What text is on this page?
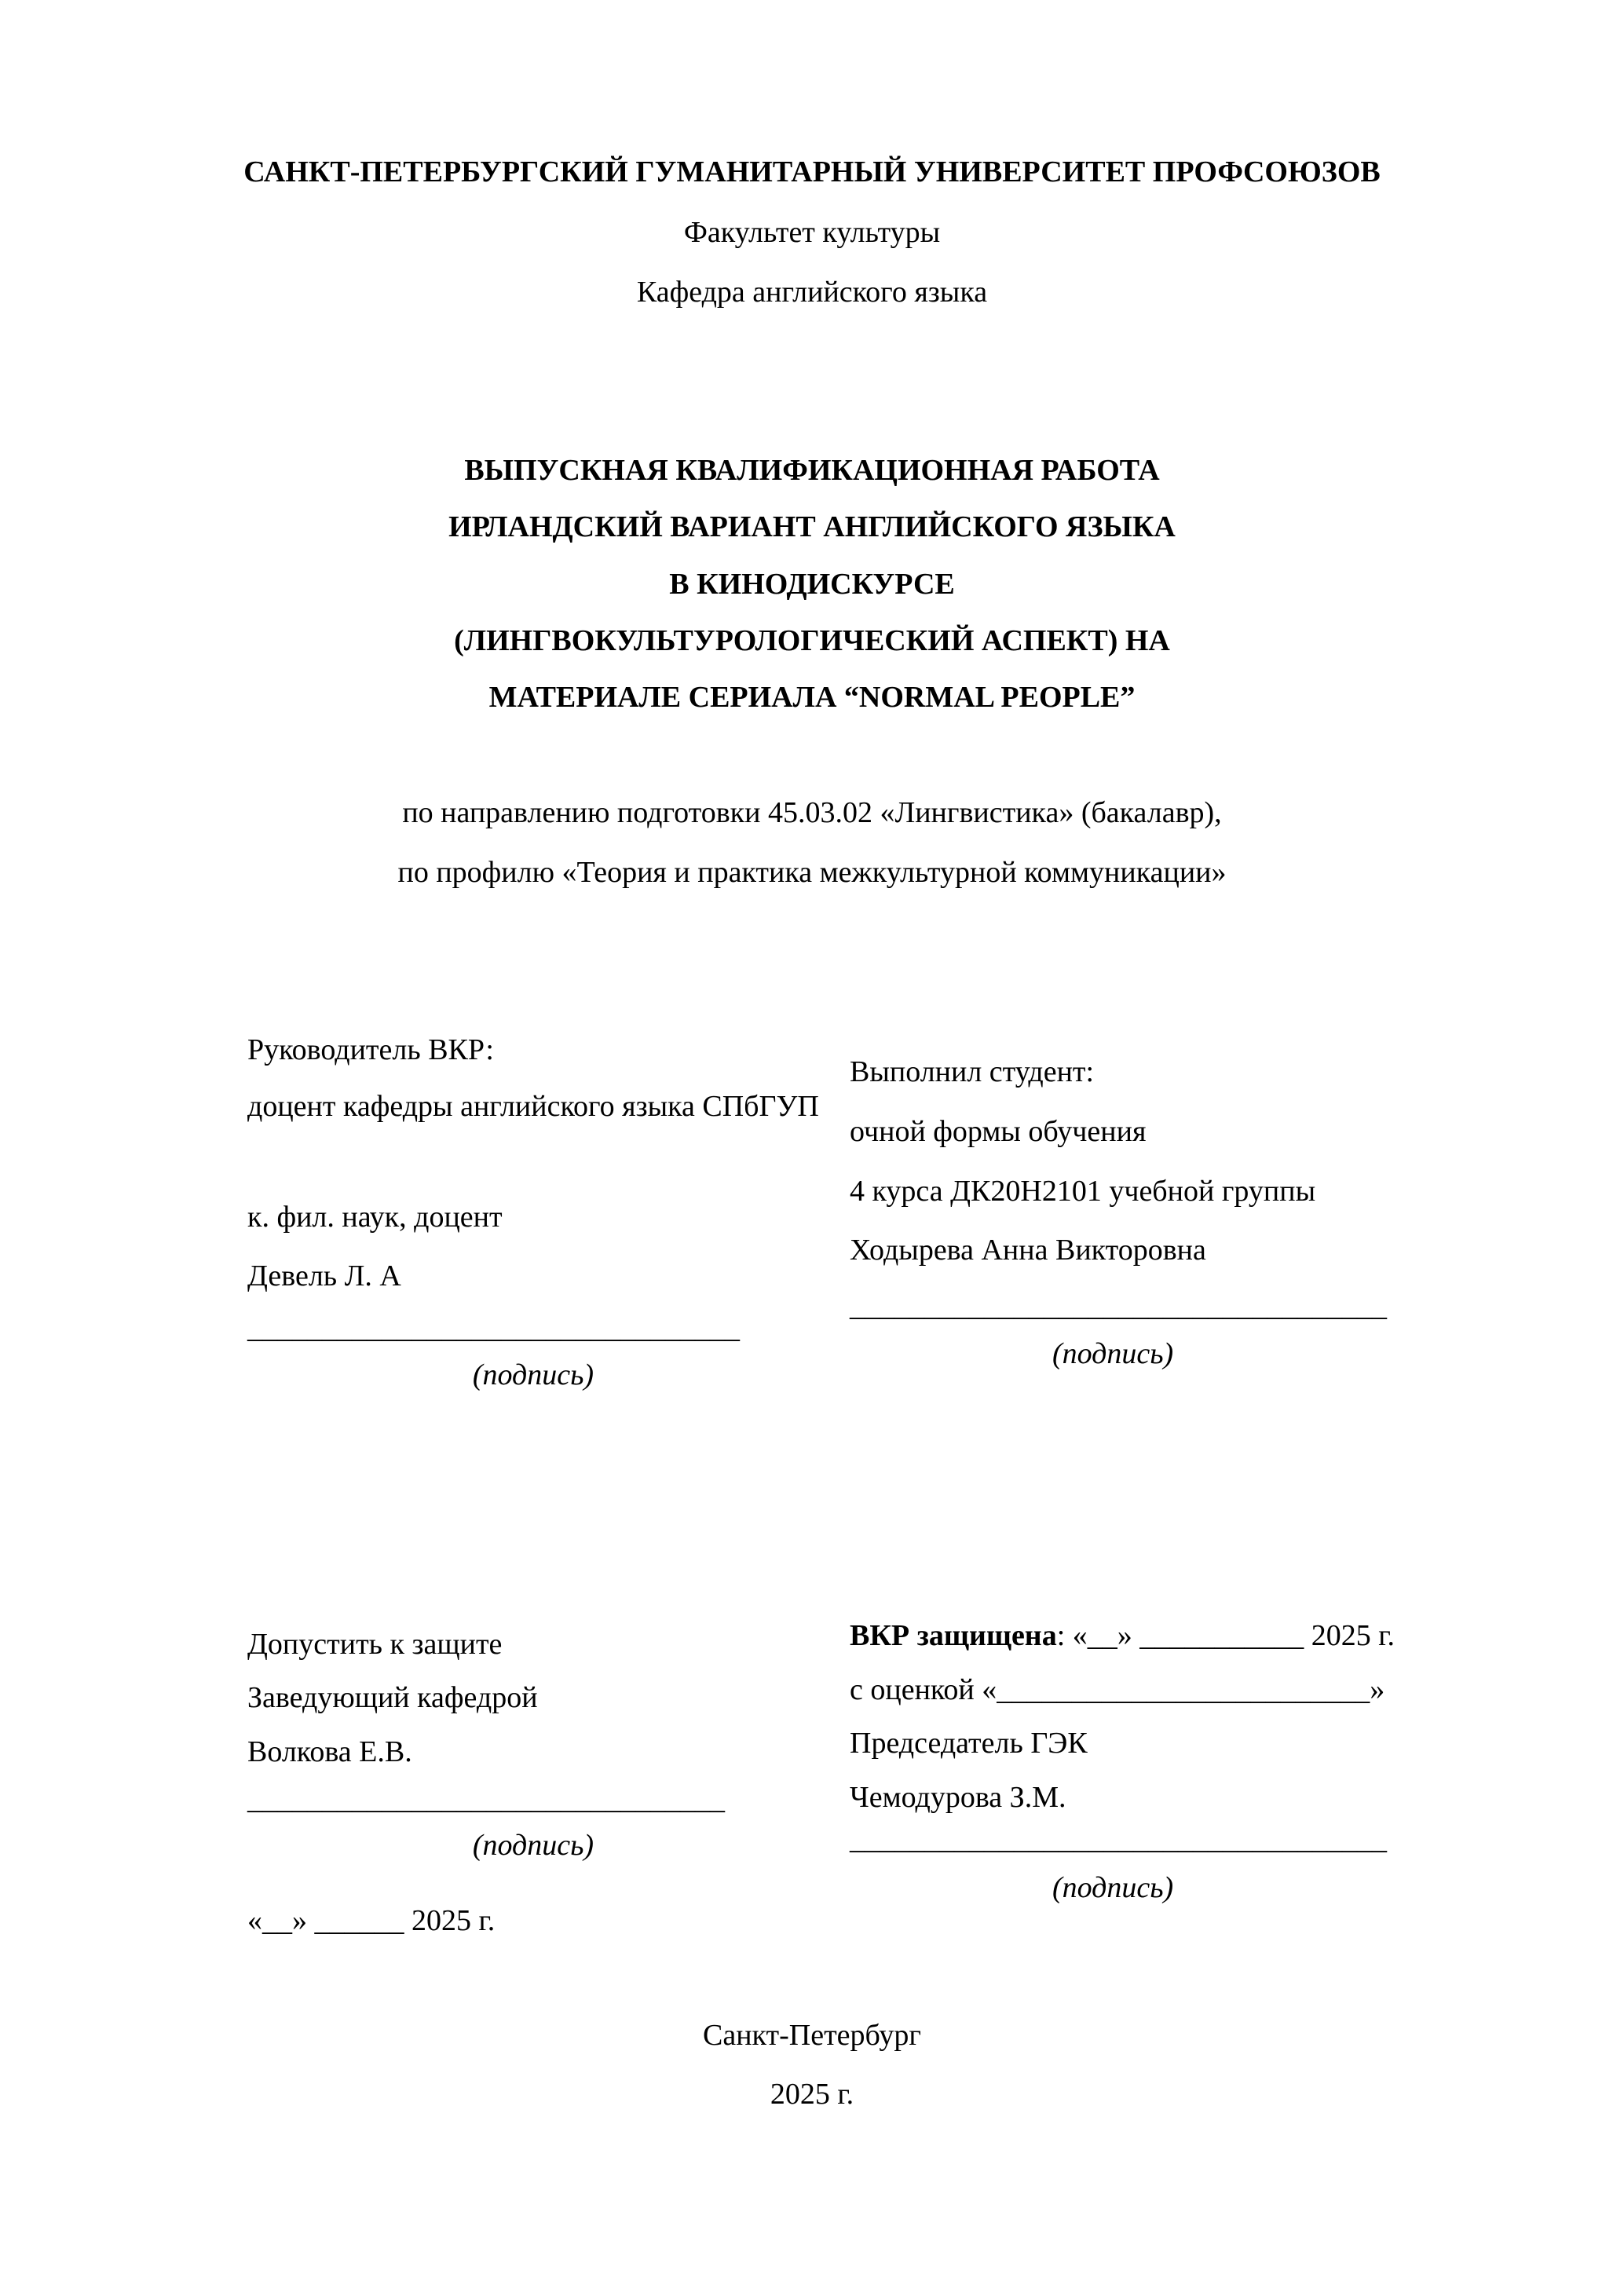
САНКТ-ПЕТЕРБУРГСКИЙ ГУМАНИТАРНЫЙ УНИВЕРСИТЕТ ПРОФСОЮЗОВ
Факультет культуры
Кафедра английского языка
ВЫПУСКНАЯ КВАЛИФИКАЦИОННАЯ РАБОТА
ИРЛАНДСКИЙ ВАРИАНТ АНГЛИЙСКОГО ЯЗЫКА
В КИНОДИСКУРСЕ
(ЛИНГВОКУЛЬТУРОЛОГИЧЕСКИЙ АСПЕКТ) НА
МАТЕРИАЛЕ СЕРИАЛА “NORMAL PEOPLE”
по направлению подготовки 45.03.02 «Лингвистика» (бакалавр),
по профилю «Теория и практика межкультурной коммуникации»
Руководитель ВКР:
доцент кафедры английского языка СПбГУП
к. фил. наук, доцент
Девель Л. А
_________________________________
(подпись)
Выполнил студент:
очной формы обучения
4 курса ДК20Н2101 учебной группы
Ходырева Анна Викторовна
____________________________________
(подпись)
Допустить к защите
Заведующий кафедрой
Волкова Е.В.
________________________________
(подпись)
«__» ______ 2025 г.
ВКР защищена: «__» ___________ 2025 г.
с оценкой «_________________________»
Председатель ГЭК
Чемодурова З.М.
____________________________________
(подпись)
Санкт-Петербург
2025 г.
